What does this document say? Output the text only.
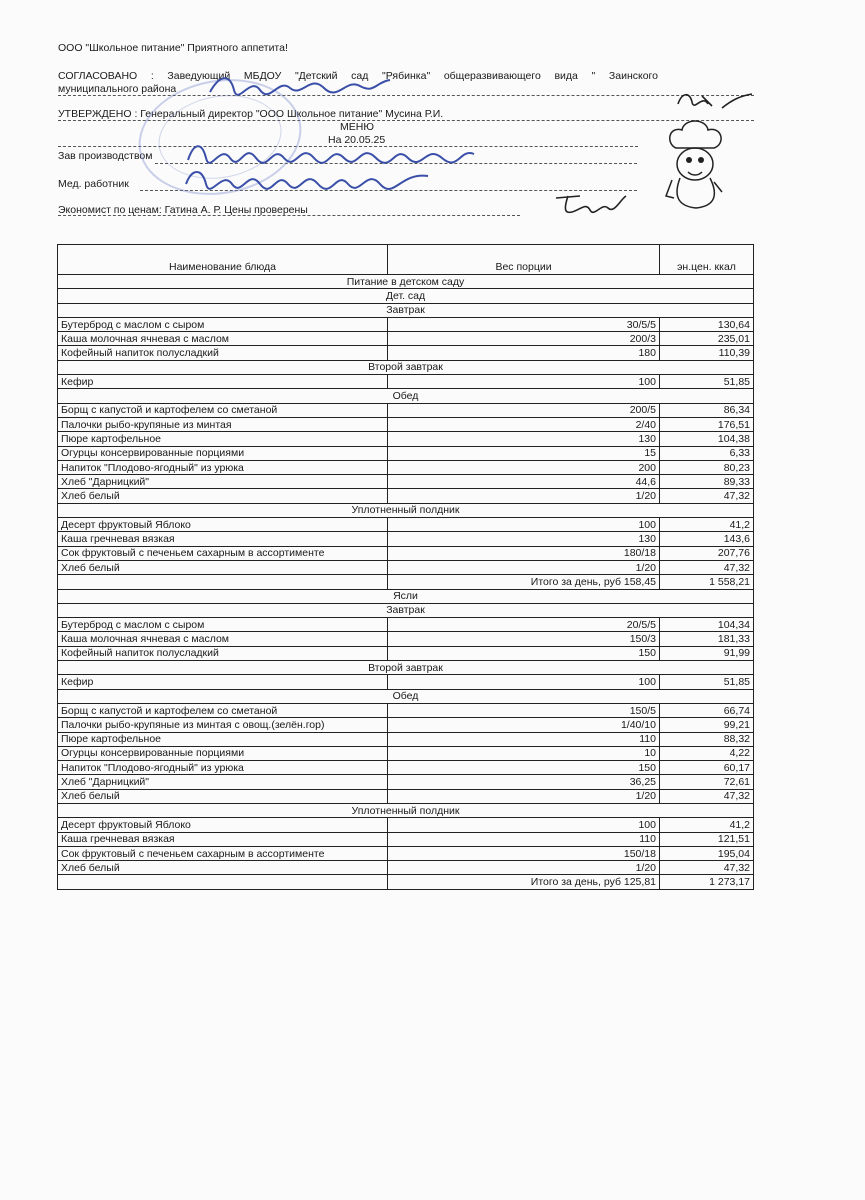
ООО "Школьное питание" Приятного аппетита!
СОГЛАСОВАНО : Заведующий МБДОУ "Детский сад "Рябинка" общеразвивающего вида " Заинского
муниципального района
УТВЕРЖДЕНО : Генеральный директор "ООО Школьное питание" Мусина Р.И.
МЕНЮ
На 20.05.25
Зав производством
Мед. работник
Экономист по ценам: Гатина А. Р. Цены проверены
Наименование блюда	Вес порции	эн.цен. ккал
Питание в детском саду		
Дет. сад		
Завтрак		
Бутерброд с маслом с сыром	30/5/5	130,64
Каша молочная ячневая с маслом	200/3	235,01
Кофейный напиток полусладкий	180	110,39
Второй завтрак		
Кефир	100	51,85
Обед		
Борщ с капустой и картофелем со сметаной	200/5	86,34
Палочки рыбо-крупяные из минтая	2/40	176,51
Пюре картофельное	130	104,38
Огурцы консервированные порциями	15	6,33
Напиток "Плодово-ягодный" из урюка	200	80,23
Хлеб "Дарницкий"	44,6	89,33
Хлеб белый	1/20	47,32
Уплотненный полдник		
Десерт фруктовый Яблоко	100	41,2
Каша гречневая вязкая	130	143,6
Сок фруктовый с печеньем сахарным в ассортименте	180/18	207,76
Хлеб белый	1/20	47,32
	Итого за день, руб 158,45	1 558,21
Ясли		
Завтрак		
Бутерброд с маслом с сыром	20/5/5	104,34
Каша молочная ячневая с маслом	150/3	181,33
Кофейный напиток полусладкий	150	91,99
Второй завтрак		
Кефир	100	51,85
Обед		
Борщ с капустой и картофелем со сметаной	150/5	66,74
Палочки рыбо-крупяные из минтая с овощ.(зелён.гор)	1/40/10	99,21
Пюре картофельное	110	88,32
Огурцы консервированные порциями	10	4,22
Напиток "Плодово-ягодный" из урюка	150	60,17
Хлеб "Дарницкий"	36,25	72,61
Хлеб белый	1/20	47,32
Уплотненный полдник		
Десерт фруктовый Яблоко	100	41,2
Каша гречневая вязкая	110	121,51
Сок фруктовый с печеньем сахарным в ассортименте	150/18	195,04
Хлеб белый	1/20	47,32
	Итого за день, руб 125,81	1 273,17
